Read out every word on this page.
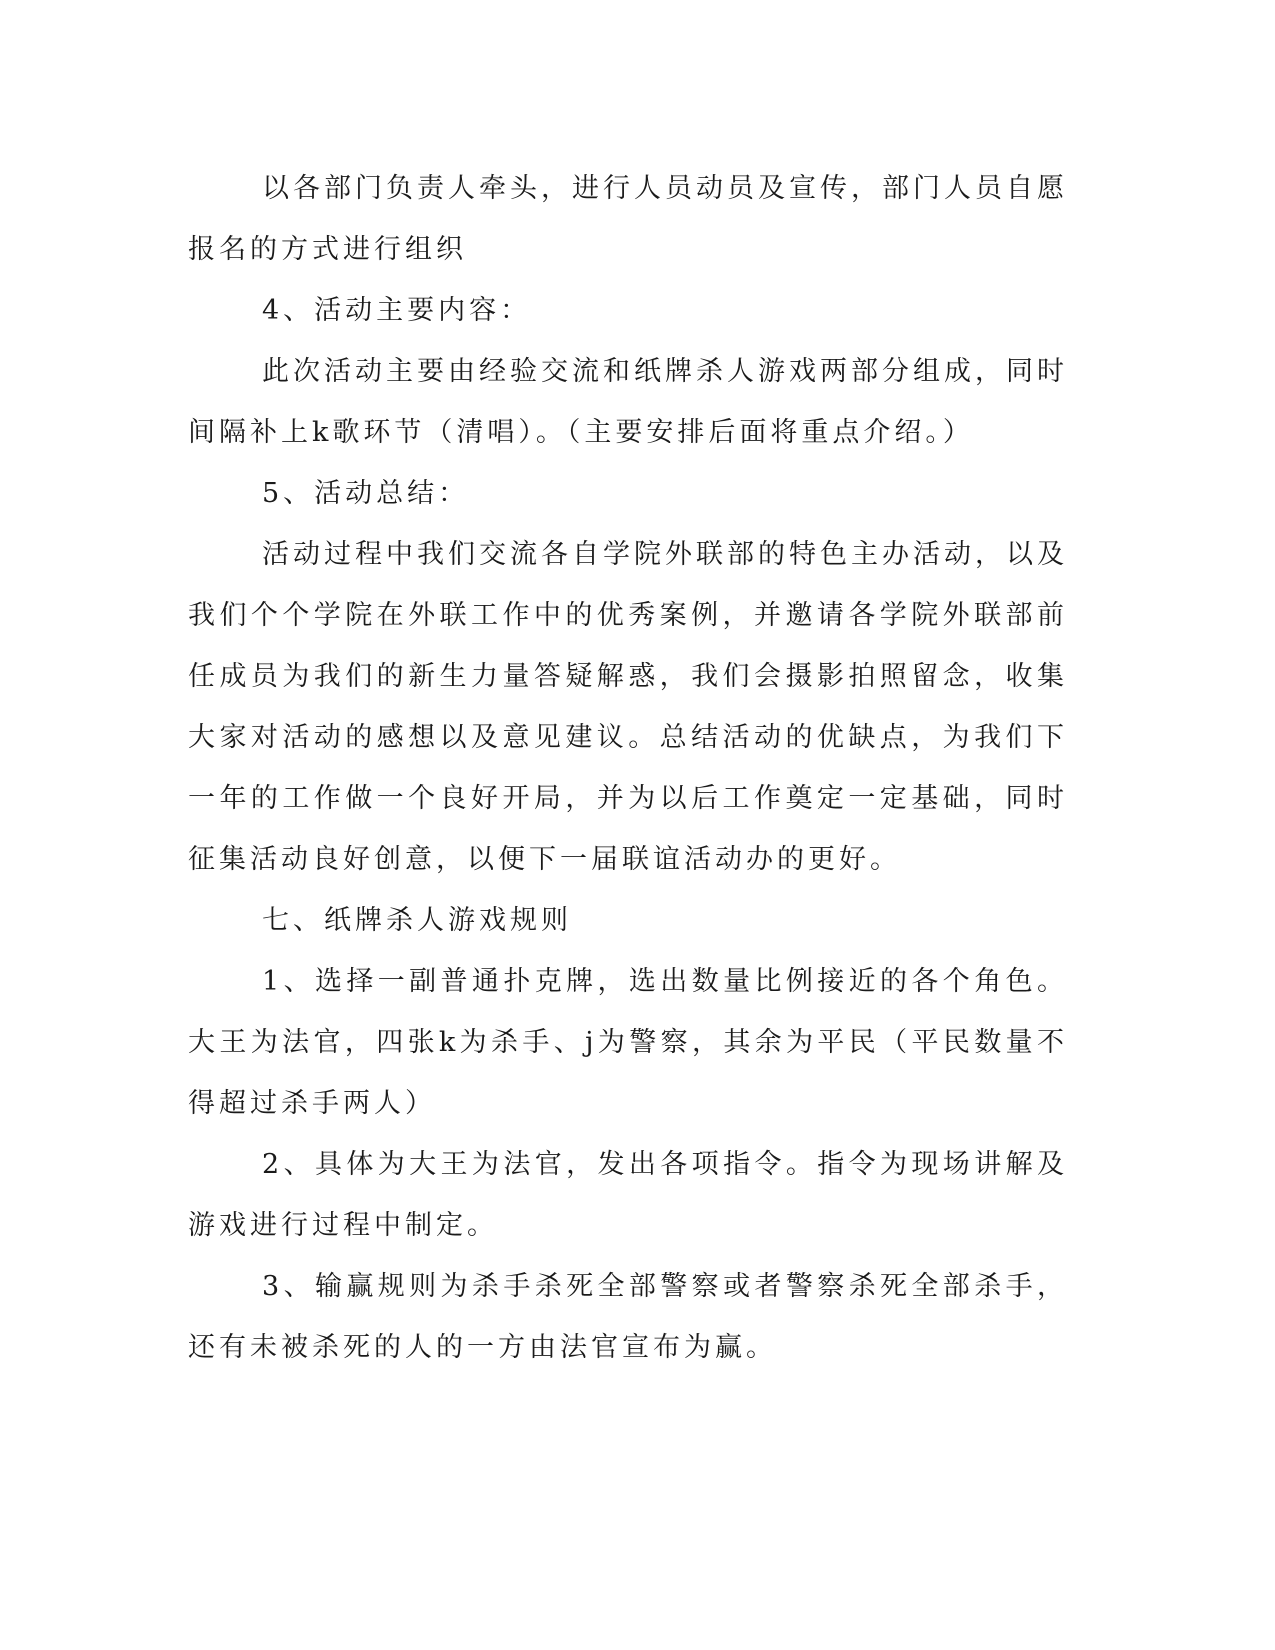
以各部门负责人牵头，进行人员动员及宣传，部门人员自愿报名的方式进行组织

4、活动主要内容：

此次活动主要由经验交流和纸牌杀人游戏两部分组成，同时间隔补上k歌环节（清唱）。（主要安排后面将重点介绍。）

5、活动总结：

活动过程中我们交流各自学院外联部的特色主办活动，以及我们个个学院在外联工作中的优秀案例，并邀请各学院外联部前任成员为我们的新生力量答疑解惑，我们会摄影拍照留念，收集大家对活动的感想以及意见建议。总结活动的优缺点，为我们下一年的工作做一个良好开局，并为以后工作奠定一定基础，同时征集活动良好创意，以便下一届联谊活动办的更好。

七、纸牌杀人游戏规则

1、选择一副普通扑克牌，选出数量比例接近的各个角色。大王为法官，四张k为杀手、j为警察，其余为平民（平民数量不得超过杀手两人）

2、具体为大王为法官，发出各项指令。指令为现场讲解及游戏进行过程中制定。

3、输赢规则为杀手杀死全部警察或者警察杀死全部杀手，还有未被杀死的人的一方由法官宣布为赢。
